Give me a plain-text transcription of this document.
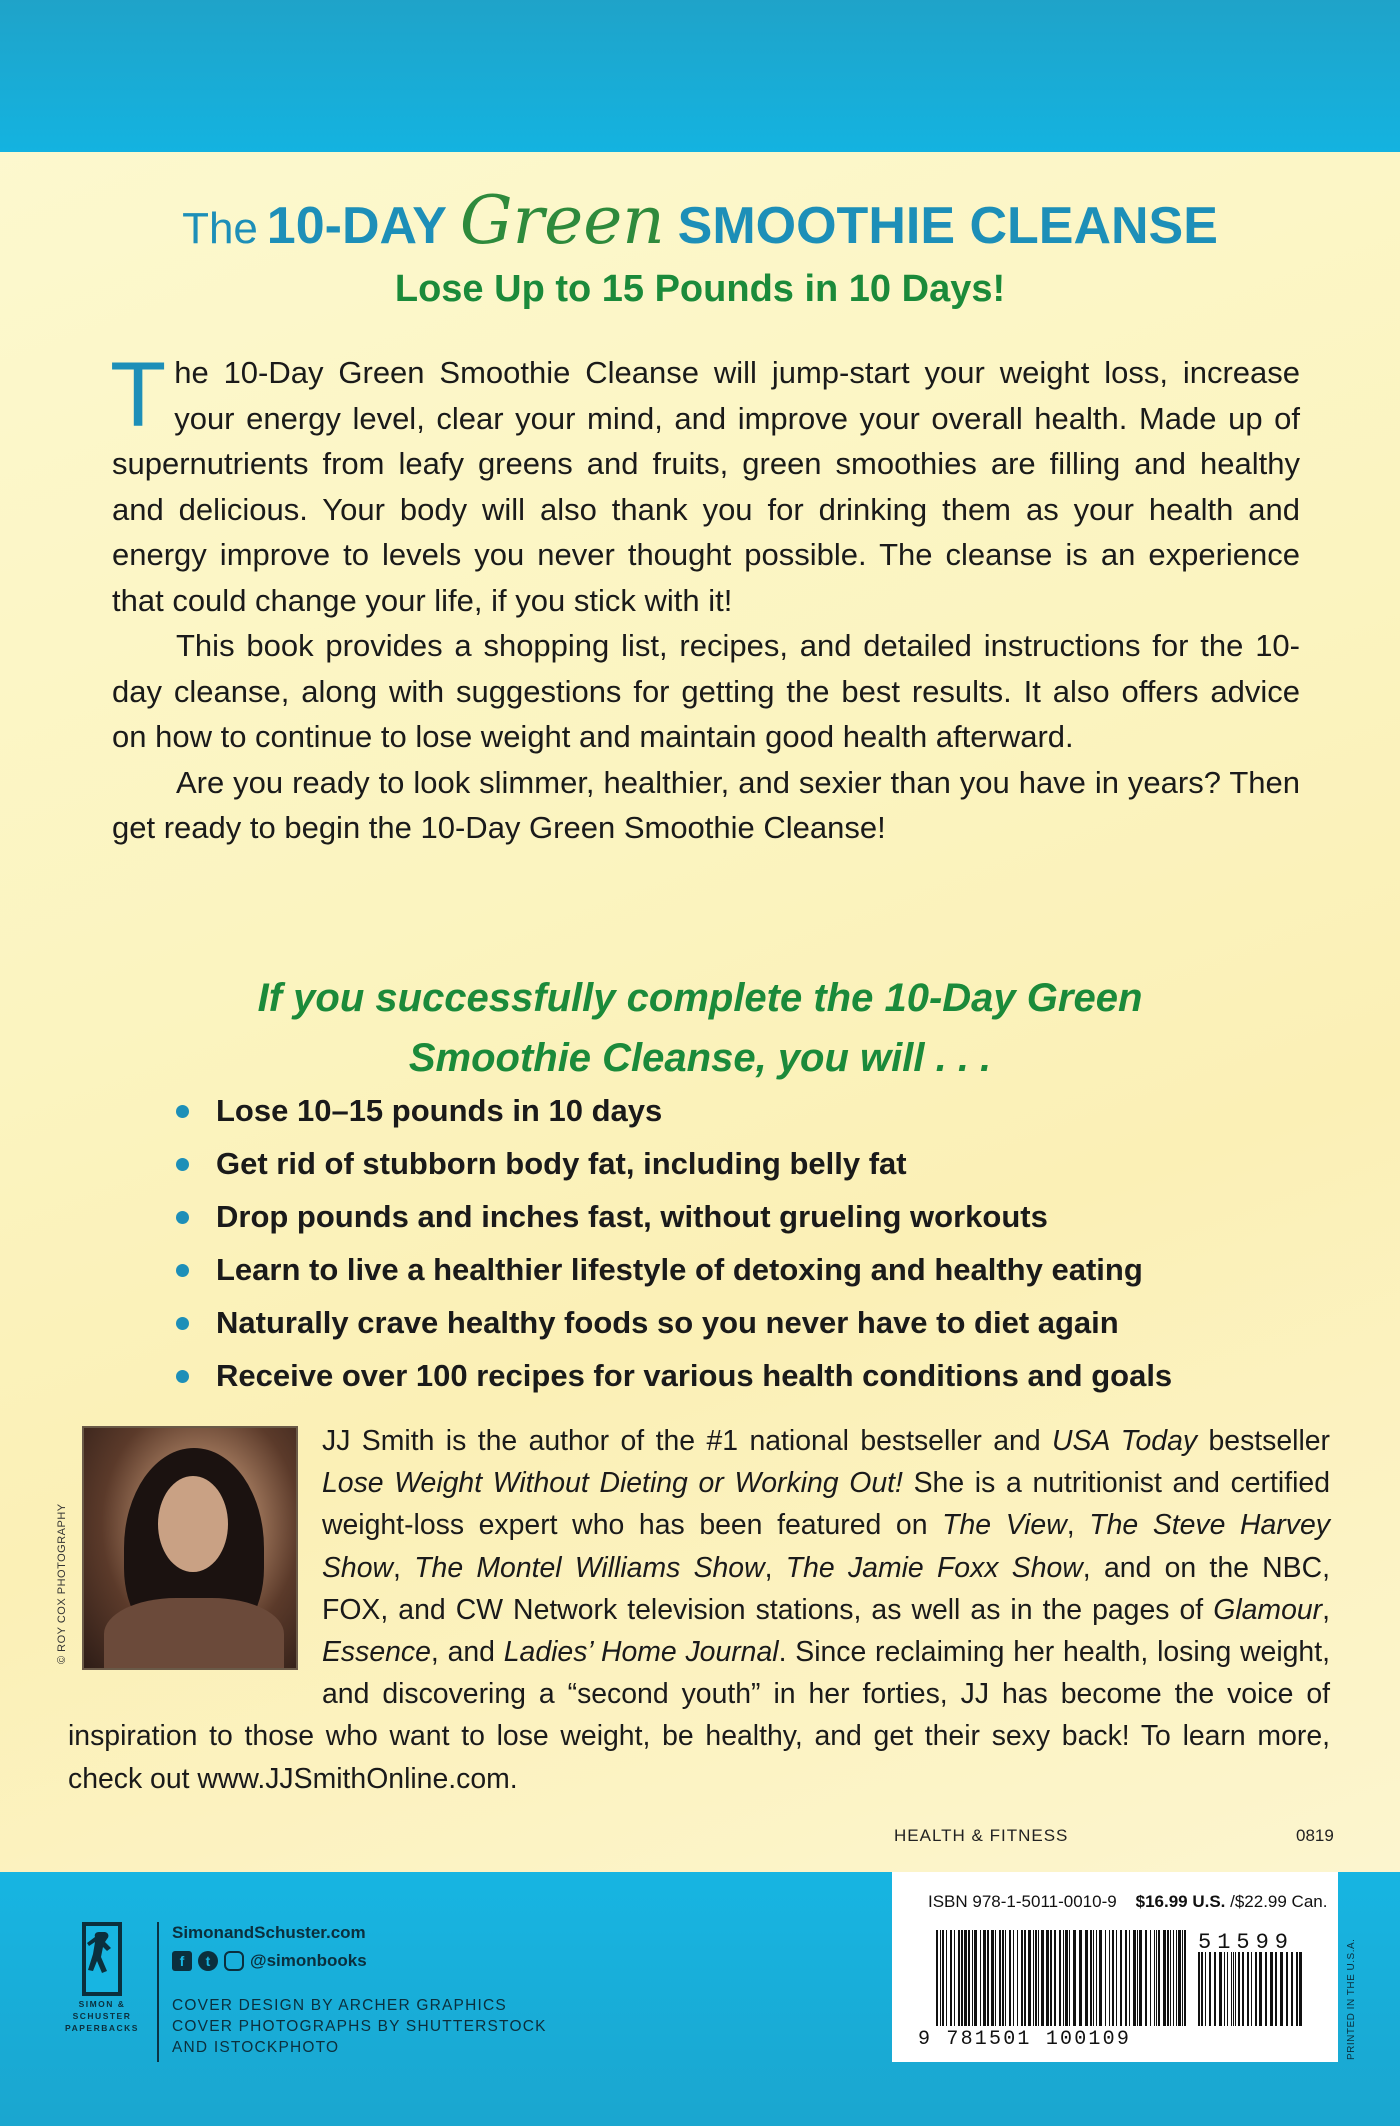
The 10-DAY Green SMOOTHIE CLEANSE
Lose Up to 15 Pounds in 10 Days!

The 10-Day Green Smoothie Cleanse will jump-start your weight loss, increase your energy level, clear your mind, and improve your overall health. Made up of supernutrients from leafy greens and fruits, green smoothies are filling and healthy and delicious. Your body will also thank you for drinking them as your health and energy improve to levels you never thought possible. The cleanse is an experience that could change your life, if you stick with it!

This book provides a shopping list, recipes, and detailed instructions for the 10-day cleanse, along with suggestions for getting the best results. It also offers advice on how to continue to lose weight and maintain good health afterward.

Are you ready to look slimmer, healthier, and sexier than you have in years? Then get ready to begin the 10-Day Green Smoothie Cleanse!

If you successfully complete the 10-Day Green
Smoothie Cleanse, you will . . .
Lose 10–15 pounds in 10 days
Get rid of stubborn body fat, including belly fat
Drop pounds and inches fast, without grueling workouts
Learn to live a healthier lifestyle of detoxing and healthy eating
Naturally crave healthy foods so you never have to diet again
Receive over 100 recipes for various health conditions and goals
© ROY COX PHOTOGRAPHY
JJ Smith is the author of the #1 national bestseller and USA Today bestseller Lose Weight Without Dieting or Working Out! She is a nutritionist and certified weight-loss expert who has been featured on The View, The Steve Harvey Show, The Montel Williams Show, The Jamie Foxx Show, and on the NBC, FOX, and CW Network television stations, as well as in the pages of Glamour, Essence, and Ladies’ Home Journal. Since reclaiming her health, losing weight, and discovering a “second youth” in her forties, JJ has become the voice of inspiration to those who want to lose weight, be healthy, and get their sexy back! To learn more, check out www.JJSmithOnline.com.
HEALTH & FITNESS	0819
SIMON &
SCHUSTER
PAPERBACKS
SimonandSchuster.com
f	t	@simonbooks
COVER DESIGN BY ARCHER GRAPHICS
COVER PHOTOGRAPHS BY SHUTTERSTOCK
AND ISTOCKPHOTO
ISBN 978-1-5011-0010-9 $16.99 U.S. /$22.99 Can.
9 781501 100109
51599	PRINTED IN THE U.S.A.
